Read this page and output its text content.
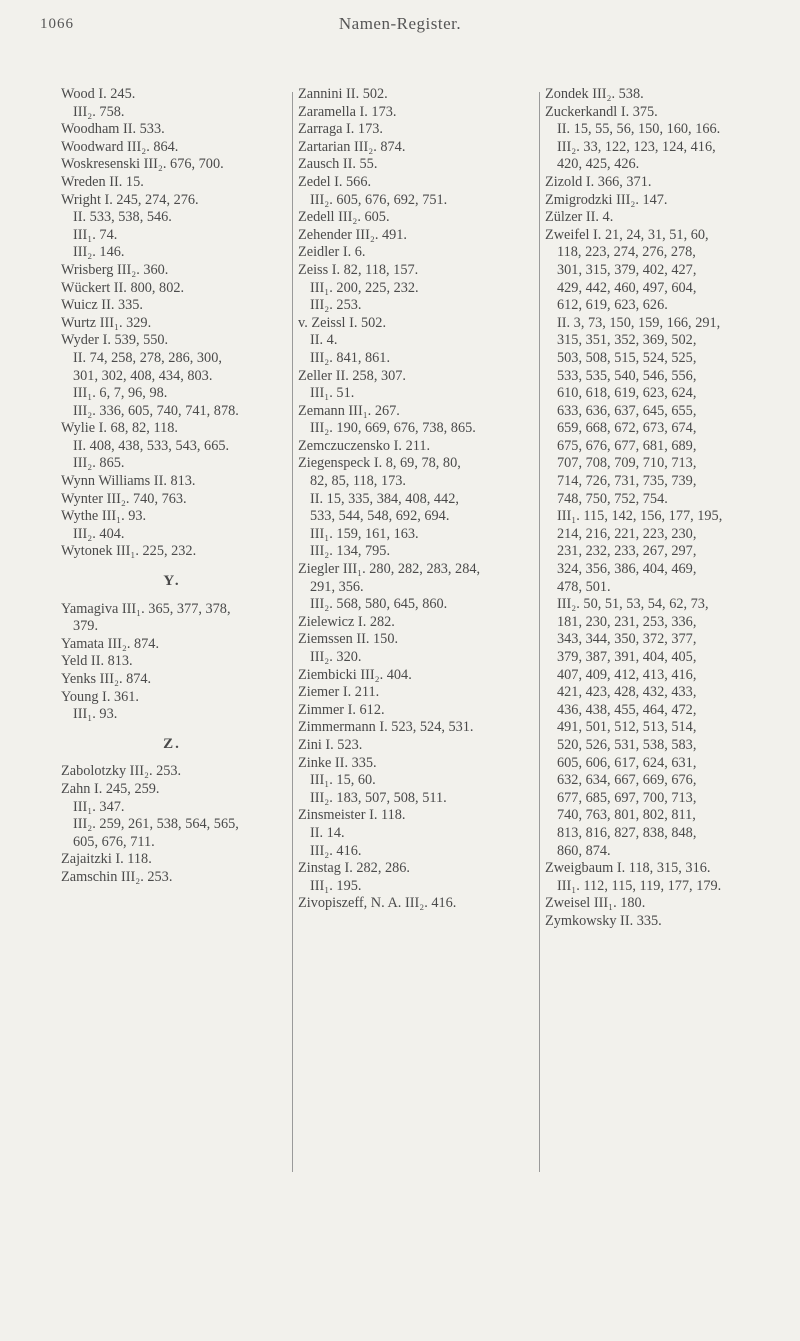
1066	Namen-Register.
Wood I. 245.
III₂. 758.
Woodham II. 533.
Woodward III₂. 864.
Woskresenski III₂. 676, 700.
Wreden II. 15.
Wright I. 245, 274, 276.
II. 533, 538, 546.
III₁. 74.
III₂. 146.
Wrisberg III₂. 360.
Wückert II. 800, 802.
Wuicz II. 335.
Wurtz III₁. 329.
Wyder I. 539, 550.
II. 74, 258, 278, 286, 300,
301, 302, 408, 434, 803.
III₁. 6, 7, 96, 98.
III₂. 336, 605, 740, 741, 878.
Wylie I. 68, 82, 118.
II. 408, 438, 533, 543, 665.
III₂. 865.
Wynn Williams II. 813.
Wynter III₂. 740, 763.
Wythe III₁. 93.
III₂. 404.
Wytonek III₁. 225, 232.
Y.
Yamagiva III₁. 365, 377, 378,
379.
Yamata III₂. 874.
Yeld II. 813.
Yenks III₂. 874.
Young I. 361.
III₁. 93.
Z.
Zabolotzky III₂. 253.
Zahn I. 245, 259.
III₁. 347.
III₂. 259, 261, 538, 564, 565,
605, 676, 711.
Zajaitzki I. 118.
Zamschin III₂. 253.
Zannini II. 502.
Zaramella I. 173.
Zarraga I. 173.
Zartarian III₂. 874.
Zausch II. 55.
Zedel I. 566.
III₂. 605, 676, 692, 751.
Zedell III₂. 605.
Zehender III₂. 491.
Zeidler I. 6.
Zeiss I. 82, 118, 157.
III₁. 200, 225, 232.
III₂. 253.
v. Zeissl I. 502.
II. 4.
III₂. 841, 861.
Zeller II. 258, 307.
III₁. 51.
Zemann III₁. 267.
III₂. 190, 669, 676, 738, 865.
Zemczuczensko I. 211.
Ziegenspeck I. 8, 69, 78, 80,
82, 85, 118, 173.
II. 15, 335, 384, 408, 442,
533, 544, 548, 692, 694.
III₁. 159, 161, 163.
III₂. 134, 795.
Ziegler III₁. 280, 282, 283, 284,
291, 356.
III₂. 568, 580, 645, 860.
Zielewicz I. 282.
Ziemssen II. 150.
III₂. 320.
Ziembicki III₂. 404.
Ziemer I. 211.
Zimmer I. 612.
Zimmermann I. 523, 524, 531.
Zini I. 523.
Zinke II. 335.
III₁. 15, 60.
III₂. 183, 507, 508, 511.
Zinsmeister I. 118.
II. 14.
III₂. 416.
Zinstag I. 282, 286.
III₁. 195.
Zivopiszeff, N. A. III₂. 416.
Zondek III₂. 538.
Zuckerkandl I. 375.
II. 15, 55, 56, 150, 160, 166.
III₂. 33, 122, 123, 124, 416,
420, 425, 426.
Zizold I. 366, 371.
Zmigrodzki III₂. 147.
Zülzer II. 4.
Zweifel I. 21, 24, 31, 51, 60,
118, 223, 274, 276, 278,
301, 315, 379, 402, 427,
429, 442, 460, 497, 604,
612, 619, 623, 626.
II. 3, 73, 150, 159, 166, 291,
315, 351, 352, 369, 502,
503, 508, 515, 524, 525,
533, 535, 540, 546, 556,
610, 618, 619, 623, 624,
633, 636, 637, 645, 655,
659, 668, 672, 673, 674,
675, 676, 677, 681, 689,
707, 708, 709, 710, 713,
714, 726, 731, 735, 739,
748, 750, 752, 754.
III₁. 115, 142, 156, 177, 195,
214, 216, 221, 223, 230,
231, 232, 233, 267, 297,
324, 356, 386, 404, 469,
478, 501.
III₂. 50, 51, 53, 54, 62, 73,
181, 230, 231, 253, 336,
343, 344, 350, 372, 377,
379, 387, 391, 404, 405,
407, 409, 412, 413, 416,
421, 423, 428, 432, 433,
436, 438, 455, 464, 472,
491, 501, 512, 513, 514,
520, 526, 531, 538, 583,
605, 606, 617, 624, 631,
632, 634, 667, 669, 676,
677, 685, 697, 700, 713,
740, 763, 801, 802, 811,
813, 816, 827, 838, 848,
860, 874.
Zweigbaum I. 118, 315, 316.
III₁. 112, 115, 119, 177, 179.
Zweisel III₁. 180.
Zymkowsky II. 335.
